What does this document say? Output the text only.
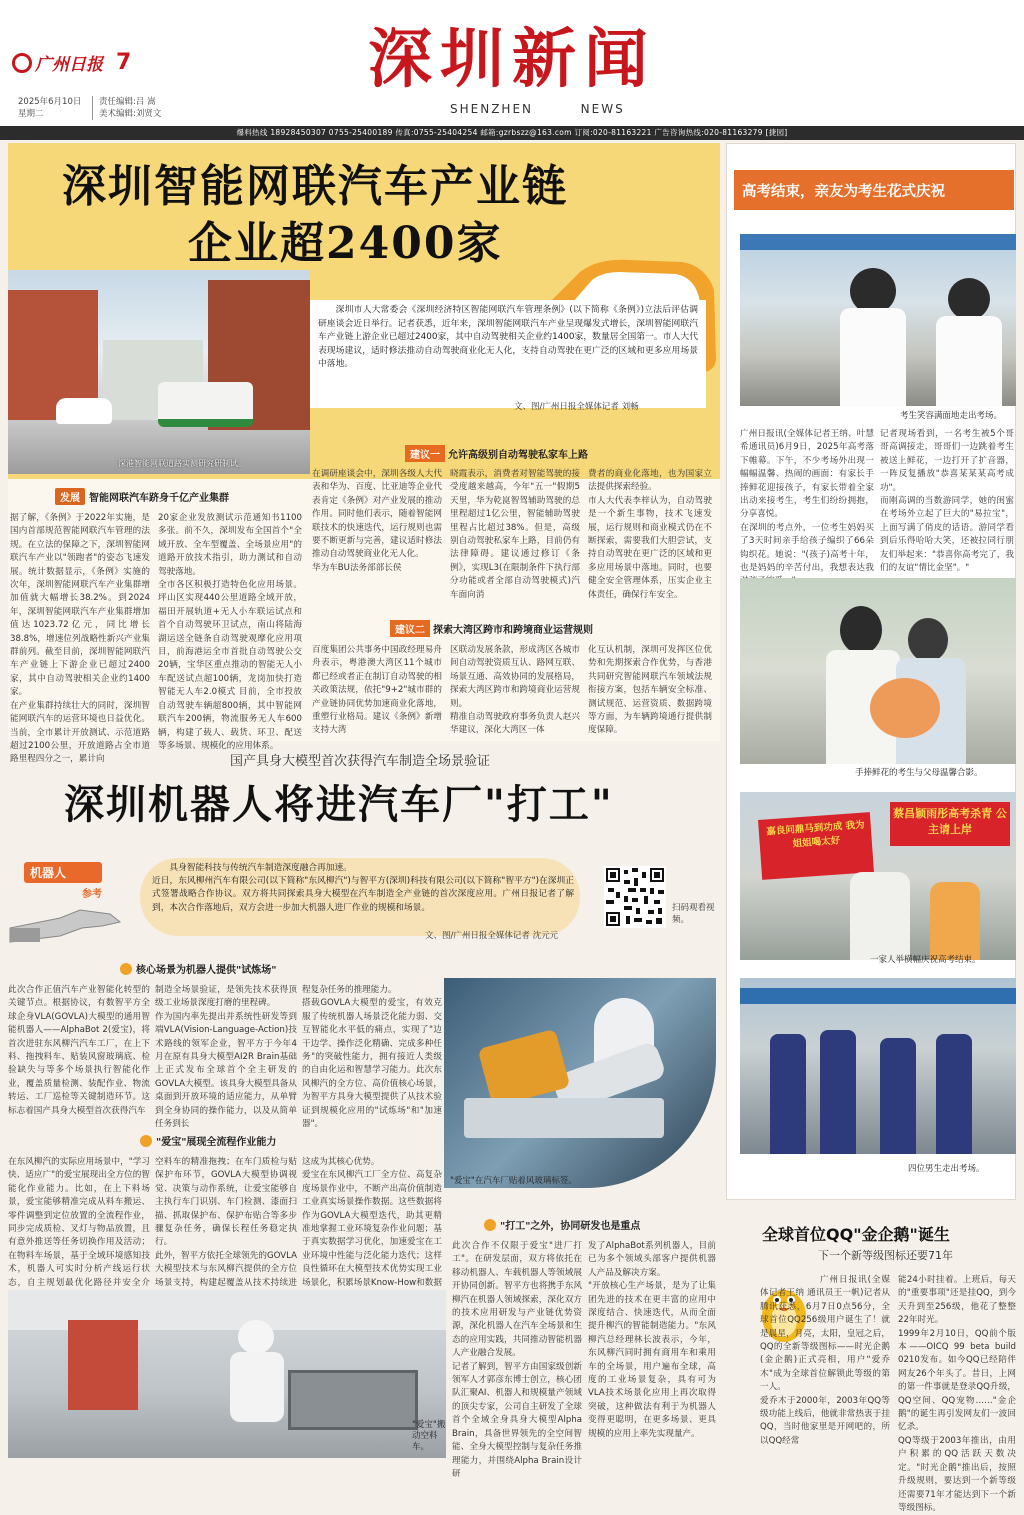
广州日报 7
2025年6月10日
星期二
责任编辑:吕 嵩
美术编辑:刘贤文
深圳新闻
SHENZHEN	NEWS
爆料热线 18928450307 0755-25400189 传真:0755-25404254 邮箱:gzrbszz@163.com 订阅:020-81163221 广告咨询热线:020-81163279 [捷园]
深圳智能网联汽车产业链
企业超2400家
深港智能网联道路实测研究研制试。
深圳市人大常委会《深圳经济特区智能网联汽车管理条例》(以下简称《条例》)立法后评估调研座谈会近日举行。记者获悉，近年来，深圳智能网联汽车产业呈现爆发式增长，深圳智能网联汽车产业链上游企业已超过2400家，其中自动驾驶相关企业约1400家，数量居全国第一。市人大代表现场建议，适时修法推动自动驾驶商业化无人化，支持自动驾驶在更广泛的区域和更多应用场景中落地。
文、图/广州日报全媒体记者 刘畅
发展 智能网联汽车跻身千亿产业集群
据了解，《条例》于2022年实施，是国内首部规范智能网联汽车管理的法规。在立法的保障之下，深圳智能网联汽车产业以"领跑者"的姿态飞速发展。统计数据显示，《条例》实施的次年，深圳智能网联汽车产业集群增加值就大幅增长38.2%。到2024年，深圳智能网联汽车产业集群增加值达1023.72亿元，同比增长38.8%，增速位列战略性新兴产业集群前列。截至目前，深圳智能网联汽车产业链上下游企业已超过2400家，其中自动驾驶相关企业约1400家。
在产业集群持续壮大的同时，深圳智能网联汽车的运营环境也日益优化。当前，全市累计开放测试、示范道路超过2100公里，开放道路占全市道路里程四分之一，累计向
20家企业发放测试示范通知书1100多张。前不久，深圳发布全国首个"全域开放、全车型覆盖、全场景应用"的道路开放技术指引，助力测试和自动驾驶落地。
全市各区积极打造特色化应用场景。坪山区实现440公里道路全域开放，福田开展轨道+无人小车联运试点和首个自动驾驶环卫试点，南山将陆海湖运送全链条自动驾驶观摩化应用项目，前海港运全市首批自动驾驶公交20辆，宝华区重点推动的智能无人小车配送试点超100辆，龙岗加快打造智能无人车2.0模式 目前，全市投放自动驾驶车辆超800辆，其中智能网联汽车200辆，物流服务无人车600辆，构建了载人、载货、环卫、配送等多场景、规模化的应用体系。
建议一 允许高级别自动驾驶私家车上路
在调研座谈会中，深圳各级人大代表和华为、百度、比亚迪等企业代表肯定《条例》对产业发展的推动作用。同时他们表示，随着智能网联技术的快速迭代，运行规则也需要不断更新与完善，建议适时修法推动自动驾驶商业化无人化。
华为车BU法务部部长侯
晓霞表示，消费者对智能驾驶的接受度越来越高，今年"五一"假期5天里，华为乾崑智驾辅助驾驶的总里程超过1亿公里，智能辅助驾驶里程占比超过38%。但是，高级别自动驾驶私家车上路，目前仍有法律障碍。建议通过修订《条例》，实现L3(在限制条件下执行部分功能或者全部自动驾驶模式)汽车面向消
费者的商业化落地，也为国家立法提供探索经验。
市人大代表李梓认为，自动驾驶是一个新生事物，技术飞速发展，运行规则和商业模式仍在不断探索，需要我们大胆尝试，支持自动驾驶在更广泛的区域和更多应用场景中落地。同时，也要健全安全管理体系，压实企业主体责任，确保行车安全。
建议二 探索大湾区跨市和跨境商业运营规则
百度集团公共事务中国政经理易舟舟表示，粤港澳大湾区11个城市都已经或者正在制订自动驾驶的相关政策法规，依托"9+2"城市群的产业链协同优势加速商业化落地，重塑行业格局。建议《条例》新增支持大湾
区联动发展条款，形成湾区各城市间自动驾驶资质互认、路网互联、场景互通、高效协同的发展格局，探索大湾区跨市和跨境商业运营规则。
精准自动驾驶政府事务负责人赵兴华建议，深化大湾区一体
化互认机制，深圳可发挥区位优势和先期探索合作优势，与香港共同研究智能网联汽车领域法规衔接方案，包括车辆安全标准、测试规范、运营资质、数据跨境等方面，为车辆跨境通行提供制度保障。
国产具身大模型首次获得汽车制造全场景验证
深圳机器人将进汽车厂"打工"
机器人
参考
具身智能科技与传统汽车制造深度融合再加速。
近日，东风柳州汽车有限公司(以下简称"东风柳汽")与智平方(深圳)科技有限公司(以下简称"智平方")在深圳正式签署战略合作协议。双方将共同探索具身大模型在汽车制造全产业链的首次深度应用。广州日报记者了解到，本次合作落地后，双方会进一步加大机器人进厂作业的规模和场景。
文、图/广州日报全媒体记者 沈元元
扫码观看视频。
核心场景为机器人提供"试炼场"
此次合作正值汽车产业智能化转型的关键节点。根据协议，有数智平方全球企身VLA(GOVLA)大模型的通用智能机器人——AlphaBot 2(爱宝)，将首次进驻东风柳汽汽车工厂，在上下料、拖拽料车、贴装风窗玻璃底、检验缺失与等多个场景执行智能化作业，覆盖质量检测、装配作业、物流转运、工厂巡检等关键制造环节。这标志着国产具身大模型首次获得汽车
制造全场景验证，是领先技术获得顶级工业场景深度打磨的里程碑。
作为国内率先提出并系统性研发等到端VLA(Vision-Language-Action)技术路线的领军企业，智平方于今年4月在原有具身大模型AI2R Brain基础上正式发布全球首个全主研发的GOVLA大模型。该具身大模型具备从桌面到开放环境的适应能力，从单臂到全身协同的操作能力，以及从简单任务到长
程复杂任务的推理能力。
搭载GOVLA大模型的爱宝，有效克服了传统机器人场景泛化能力弱、交互智能化水平低的痛点，实现了"边干边学、操作泛化精确、完成多种任务"的突破性能力，拥有接近人类级的自由化运和智慧学习能力。此次东风柳汽的全方位、高价值核心场景，为智平方具身大模型提供了从技术验证到规模化应用的"试炼场"和"加速器"。
"爱宝"在汽车厂贴着风玻璃标签。
"爱宝"展现全流程作业能力
在东风柳汽的实际应用场景中，"学习快、适应广"的爱宝展现出全方位的智能化作业能力。比如，在上下料场景，爱宝能够精准完成从料车搬运、零件调整到定位放置的全流程作业，同步完成质检、叉灯与物品放置，且有意外推送等任务切换作用及活动；在物料车场景，基于全域环境感知技术，机器人可实时分析产线运行状态，自主规划最优化路径并安全介
空料车的精准拖拽；在车门质检与贴保护布环节，GOVLA大模型协调视觉、决策与动作系统，让爱宝能够自主执行车门识别、车门检测、漆面扫描、抓取保护布、保护布贴合等多步骤复杂任务，确保长程任务稳定执行。
此外，智平方依托全球领先的GOVLA大模型技术与东风柳汽提供的全方位场景支持，构建起覆盖从技术持续进
这成为其核心优势。
爱宝在东风柳汽工厂全方位、高复杂度场景作业中，不断产出高价值制造工业真实场景操作数据。这些数据将作为GOVLA大模型迭代，助其更精准地掌握工业环境复杂作业问题；基于真实数据学习优化，加速爱宝在工业环境中性能与泛化能力迭代；这样良性循环在大模型技术优势实现工业场景化，积累场景Know-How和数据
"爱宝"搬动空料车。
"打工"之外，协同研发也是重点
此次合作不仅限于爱宝"进厂打工"。在研发层面，双方将依托在移动机器人、车载机器人等领域展开协同创新。智平方也将携手东风柳汽在机器人领域探索，深化双方的技术应用研发与产业链优势资源，深化机器人在汽车全场景和生态的应用实践，共同推动智能机器人产业融合发展。
记者了解到，智平方由国家级创新领军人才郭彦东博士创立，核心团队汇聚AI、机器人和规模量产领域的顶尖专家，公司自主研发了全球首个全域全身具身大模型Alpha Brain，具备世界领先的全空间智能、全身大模型控制与复杂任务推理能力，并围绕Alpha Brain设计研
发了AlphaBot系列机器人，目前已为多个领域头部客户提供机器人产品及解决方案。
"开放核心生产场景，是为了让集团先进的技术在更丰富的应用中深度结合、快速迭代，从而全面提升柳汽的智能制造能力。"东风柳汽总经理林长波表示，今年，东风柳汽同时拥有商用车和乘用车的全场景，用户遍布全球，高度的工业场景复杂，具有可为VLA技术场景化应用上再次取得突破，这种做法有利于为机器人变得更聪明，在更多场景、更具规模的应用上率先实现量产。
高考结束，亲友为考生花式庆祝
考生笑容满面地走出考场。
广州日报讯(全媒体记者王纳、叶慧希通讯员)6月9日，2025年高考落下帷幕。下午，不少考场外出现一幅幅温馨、热闹的画面：有家长手捧鲜花迎接孩子，有家长带着全家出动来接考生，考生们纷纷拥抱，分享喜悦。
在深圳的考点外，一位考生妈妈买了3天时间亲手给孩子编织了66朵钩织花。她说："(孩子)高考十年，也是妈妈的辛苦付出，我想表达我
记者现场看到，一名考生被5个哥哥高调接走，哥哥们一边跳着考生被送上鲜花，一边打开了扩音器，一阵反复播放"恭喜某某某高考成功"。
而刚高调的当数游同学，她的闺蜜在考场外立起了巨大的"易拉宝"，上面写满了俏皮的话语。游同学看到后乐得哈哈大笑，还被拉同行朋友们举起来："恭喜你高考完了，我们的友谊"情比金坚"。"
手捧鲜花的考生与父母温馨合影。
蔡昌颖雨彤高考杀青 公主请上岸
嘉良问鼎马到功成 我为姐姐喝太好
一家人举横幅庆祝高考结束。
四位男生走出考场。
全球首位QQ"金企鹅"诞生
下一个新等级图标还要71年
广州日报讯(全媒体记者王纳 通讯员王一帆)记者从腾讯获悉，6月7日0点56分，全球首位QQ256级用户诞生了！就是晨星，月亮，太阳，皇冠之后，QQ的全新等级图标——时光企鹅(金企鹅)正式亮相，用户"爱乔木"成为全球首位解锁此等级的第一人。
爱乔木于2000年，2003年QQ等级功能上线后，他就非常热衷于挂QQ，当时他家里是开网吧的，所以QQ经常
能24小时挂着。上班后，每天的"重要事项"还是挂QQ，到今天升到至256级，他花了整整22年时光。
1999年2月10日，QQ前个版本——OICQ 99 beta build 0210发布。如今QQ已经陪伴网友26个年头了。昔日，上网的第一件事就是登录QQ升级，QQ空间、QQ宠物……"金企鹅"的诞生再引发网友们一波回忆杀。
QQ等级于2003年推出，由用户积累的QQ活跃天数决定。"时光企鹅"推出后，按照升级规则，要达到一个新等级还需要71年才能达到下一个新等级图标。
